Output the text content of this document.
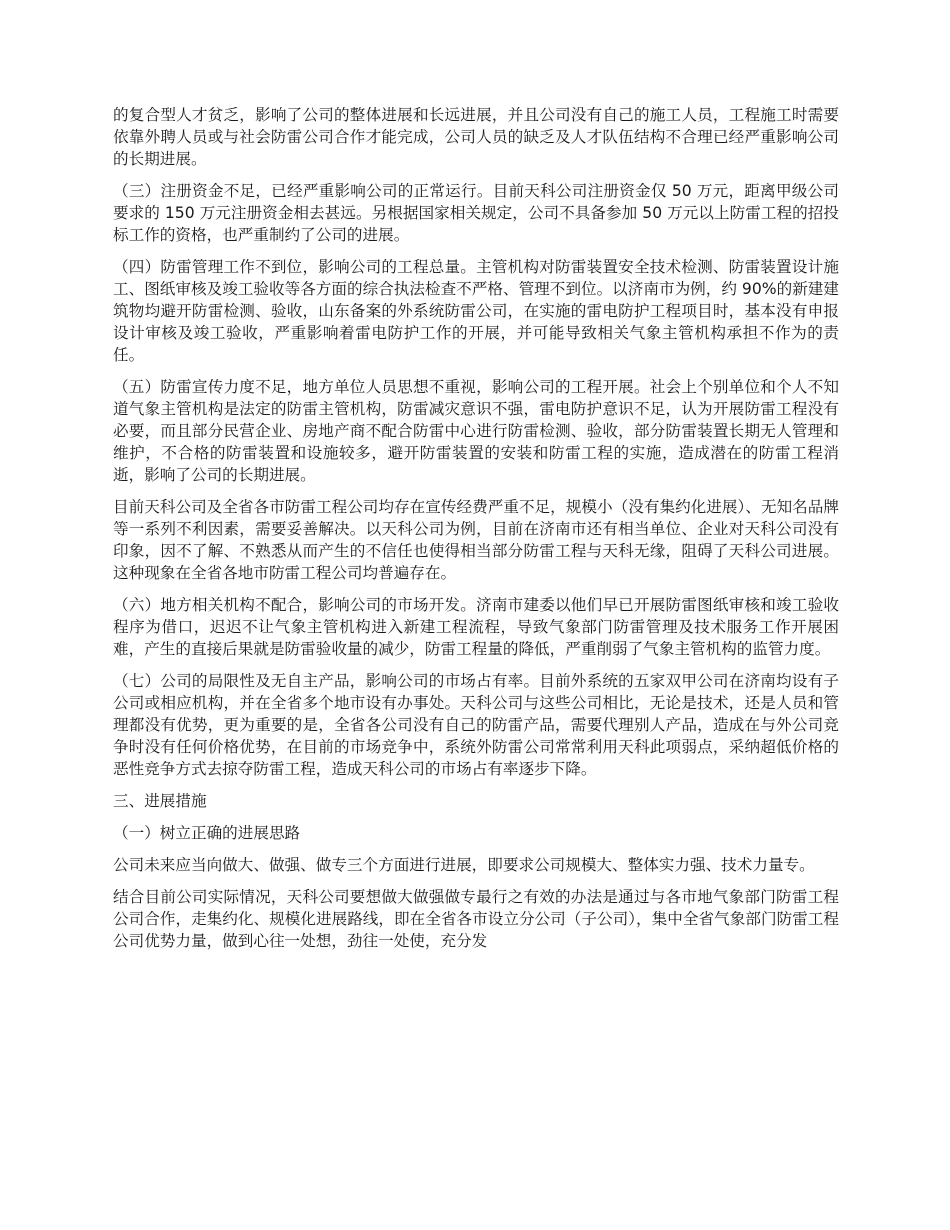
的复合型人才贫乏，影响了公司的整体进展和长远进展，并且公司没有自己的施工人员，工程施工时需要依靠外聘人员或与社会防雷公司合作才能完成，公司人员的缺乏及人才队伍结构不合理已经严重影响公司的长期进展。

（三）注册资金不足，已经严重影响公司的正常运行。目前天科公司注册资金仅 50 万元，距离甲级公司要求的 150 万元注册资金相去甚远。另根据国家相关规定，公司不具备参加 50 万元以上防雷工程的招投标工作的资格，也严重制约了公司的进展。

（四）防雷管理工作不到位，影响公司的工程总量。主管机构对防雷装置安全技术检测、防雷装置设计施工、图纸审核及竣工验收等各方面的综合执法检查不严格、管理不到位。以济南市为例，约 90%的新建建筑物均避开防雷检测、验收，山东备案的外系统防雷公司，在实施的雷电防护工程项目时，基本没有申报设计审核及竣工验收，严重影响着雷电防护工作的开展，并可能导致相关气象主管机构承担不作为的责任。

（五）防雷宣传力度不足，地方单位人员思想不重视，影响公司的工程开展。社会上个别单位和个人不知道气象主管机构是法定的防雷主管机构，防雷减灾意识不强，雷电防护意识不足，认为开展防雷工程没有必要，而且部分民营企业、房地产商不配合防雷中心进行防雷检测、验收，部分防雷装置长期无人管理和维护，不合格的防雷装置和设施较多，避开防雷装置的安装和防雷工程的实施，造成潜在的防雷工程消逝，影响了公司的长期进展。

目前天科公司及全省各市防雷工程公司均存在宣传经费严重不足，规模小（没有集约化进展）、无知名品牌等一系列不利因素，需要妥善解决。以天科公司为例，目前在济南市还有相当单位、企业对天科公司没有印象，因不了解、不熟悉从而产生的不信任也使得相当部分防雷工程与天科无缘，阻碍了天科公司进展。这种现象在全省各地市防雷工程公司均普遍存在。

（六）地方相关机构不配合，影响公司的市场开发。济南市建委以他们早已开展防雷图纸审核和竣工验收程序为借口，迟迟不让气象主管机构进入新建工程流程，导致气象部门防雷管理及技术服务工作开展困难，产生的直接后果就是防雷验收量的减少，防雷工程量的降低，严重削弱了气象主管机构的监管力度。

（七）公司的局限性及无自主产品，影响公司的市场占有率。目前外系统的五家双甲公司在济南均设有子公司或相应机构，并在全省多个地市设有办事处。天科公司与这些公司相比，无论是技术，还是人员和管理都没有优势，更为重要的是，全省各公司没有自己的防雷产品，需要代理别人产品，造成在与外公司竞争时没有任何价格优势，在目前的市场竞争中，系统外防雷公司常常利用天科此项弱点，采纳超低价格的恶性竞争方式去掠夺防雷工程，造成天科公司的市场占有率逐步下降。

三、进展措施

（一）树立正确的进展思路

公司未来应当向做大、做强、做专三个方面进行进展，即要求公司规模大、整体实力强、技术力量专。

结合目前公司实际情况，天科公司要想做大做强做专最行之有效的办法是通过与各市地气象部门防雷工程公司合作，走集约化、规模化进展路线，即在全省各市设立分公司（子公司），集中全省气象部门防雷工程公司优势力量，做到心往一处想，劲往一处使，充分发
